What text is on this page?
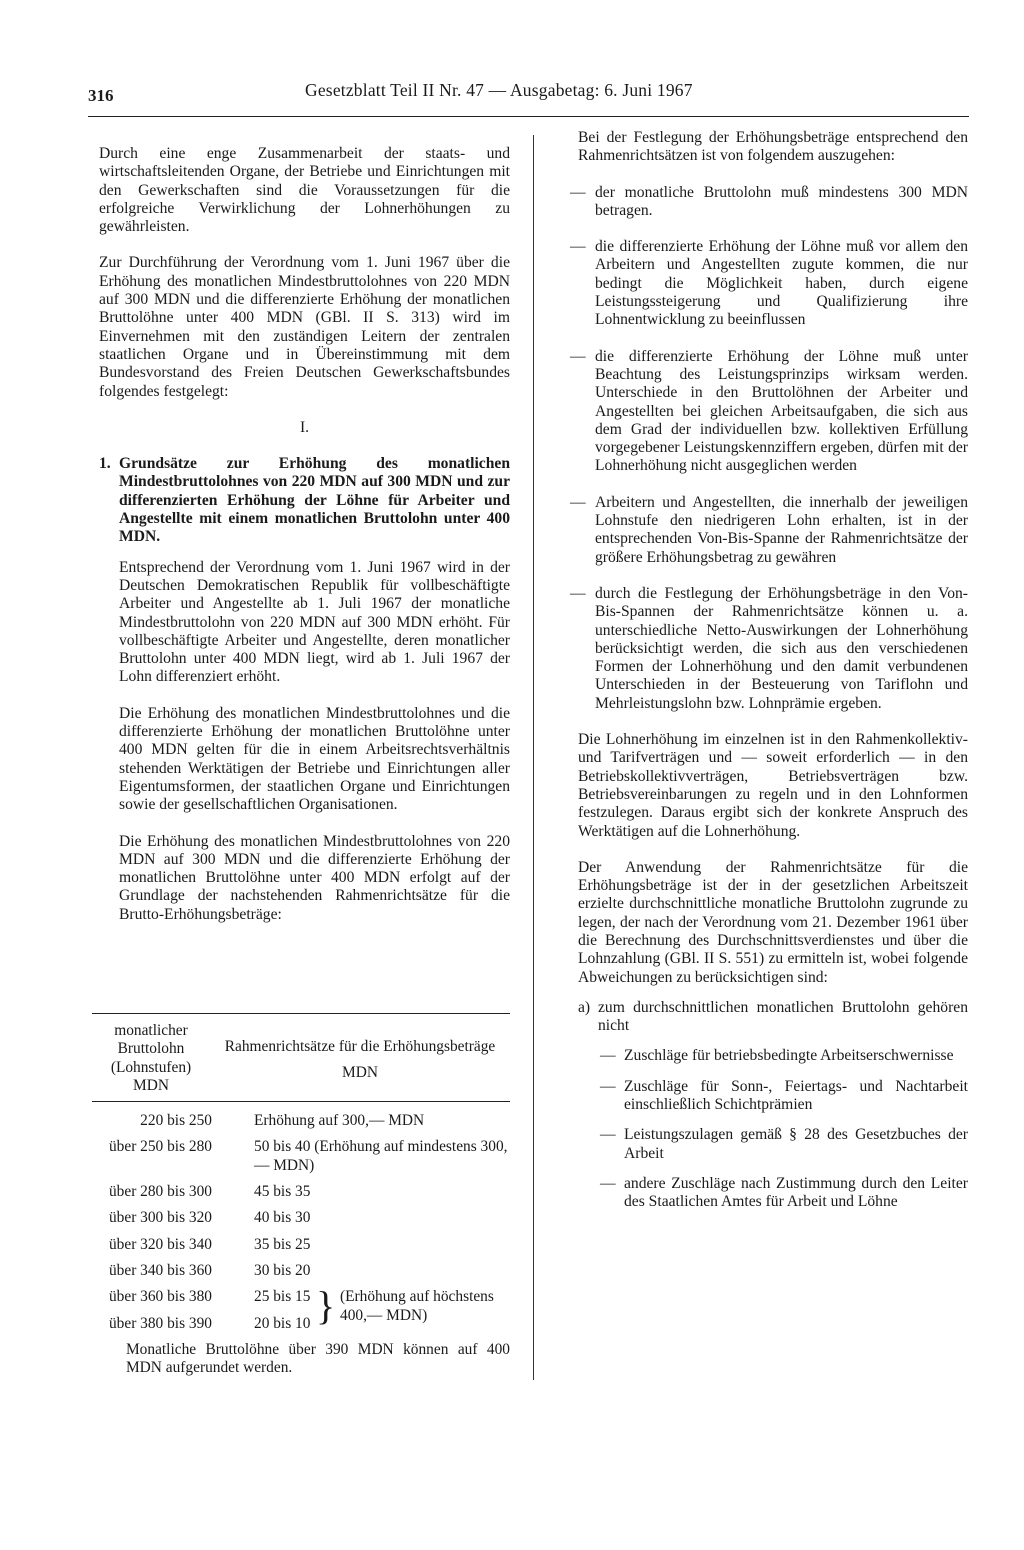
316	Gesetzblatt Teil II Nr. 47 — Ausgabetag: 6. Juni 1967

Durch eine enge Zusammenarbeit der staats- und wirtschaftsleitenden Organe, der Betriebe und Einrichtungen mit den Gewerkschaften sind die Voraussetzungen für die erfolgreiche Verwirklichung der Lohnerhöhungen zu gewährleisten.

Zur Durchführung der Verordnung vom 1. Juni 1967 über die Erhöhung des monatlichen Mindestbruttolohnes von 220 MDN auf 300 MDN und die differenzierte Erhöhung der monatlichen Bruttolöhne unter 400 MDN (GBl. II S. 313) wird im Einvernehmen mit den zuständigen Leitern der zentralen staatlichen Organe und in Übereinstimmung mit dem Bundesvorstand des Freien Deutschen Gewerkschaftsbundes folgendes festgelegt:

I.

1. Grundsätze zur Erhöhung des monatlichen Mindestbruttolohnes von 220 MDN auf 300 MDN und zur differenzierten Erhöhung der Löhne für Arbeiter und Angestellte mit einem monatlichen Bruttolohn unter 400 MDN.

Entsprechend der Verordnung vom 1. Juni 1967 wird in der Deutschen Demokratischen Republik für vollbeschäftigte Arbeiter und Angestellte ab 1. Juli 1967 der monatliche Mindestbruttolohn von 220 MDN auf 300 MDN erhöht. Für vollbeschäftigte Arbeiter und Angestellte, deren monatlicher Bruttolohn unter 400 MDN liegt, wird ab 1. Juli 1967 der Lohn differenziert erhöht.

Die Erhöhung des monatlichen Mindestbruttolohnes und die differenzierte Erhöhung der monatlichen Bruttolöhne unter 400 MDN gelten für die in einem Arbeitsrechtsverhältnis stehenden Werktätigen der Betriebe und Einrichtungen aller Eigentumsformen, der staatlichen Organe und Einrichtungen sowie der gesellschaftlichen Organisationen.

Die Erhöhung des monatlichen Mindestbruttolohnes von 220 MDN auf 300 MDN und die differenzierte Erhöhung der monatlichen Bruttolöhne unter 400 MDN erfolgt auf der Grundlage der nachstehenden Rahmenrichtsätze für die Brutto-Erhöhungsbeträge:

monatlicher Bruttolohn (Lohnstufen) MDN
Rahmenrichtsätze für die Erhöhungsbeträge
MDN
220 bis 250	Erhöhung auf 300,— MDN
über 250 bis 280	50 bis 40 (Erhöhung auf mindestens 300,— MDN)
über 280 bis 300	45 bis 35
über 300 bis 320	40 bis 30
über 320 bis 340	35 bis 25
über 340 bis 360	30 bis 20
über 360 bis 380	25 bis 15
über 380 bis 390	20 bis 10 } (Erhöhung auf höchstens 400,— MDN)

Monatliche Bruttolöhne über 390 MDN können auf 400 MDN aufgerundet werden.

Bei der Festlegung der Erhöhungsbeträge entsprechend den Rahmenrichtsätzen ist von folgendem auszugehen:

— der monatliche Bruttolohn muß mindestens 300 MDN betragen.
— die differenzierte Erhöhung der Löhne muß vor allem den Arbeitern und Angestellten zugute kommen, die nur bedingt die Möglichkeit haben, durch eigene Leistungssteigerung und Qualifizierung ihre Lohnentwicklung zu beeinflussen
— die differenzierte Erhöhung der Löhne muß unter Beachtung des Leistungsprinzips wirksam werden. Unterschiede in den Bruttolöhnen der Arbeiter und Angestellten bei gleichen Arbeitsaufgaben, die sich aus dem Grad der individuellen bzw. kollektiven Erfüllung vorgegebener Leistungskennziffern ergeben, dürfen mit der Lohnerhöhung nicht ausgeglichen werden
— Arbeitern und Angestellten, die innerhalb der jeweiligen Lohnstufe den niedrigeren Lohn erhalten, ist in der entsprechenden Von-Bis-Spanne der Rahmenrichtsätze der größere Erhöhungsbetrag zu gewähren
— durch die Festlegung der Erhöhungsbeträge in den Von-Bis-Spannen der Rahmenrichtsätze können u. a. unterschiedliche Netto-Auswirkungen der Lohnerhöhung berücksichtigt werden, die sich aus den verschiedenen Formen der Lohnerhöhung und den damit verbundenen Unterschieden in der Besteuerung von Tariflohn und Mehrleistungslohn bzw. Lohnprämie ergeben.

Die Lohnerhöhung im einzelnen ist in den Rahmenkollektiv- und Tarifverträgen und — soweit erforderlich — in den Betriebskollektivverträgen, Betriebsverträgen bzw. Betriebsvereinbarungen zu regeln und in den Lohnformen festzulegen. Daraus ergibt sich der konkrete Anspruch des Werktätigen auf die Lohnerhöhung.

Der Anwendung der Rahmenrichtsätze für die Erhöhungsbeträge ist der in der gesetzlichen Arbeitszeit erzielte durchschnittliche monatliche Bruttolohn zugrunde zu legen, der nach der Verordnung vom 21. Dezember 1961 über die Berechnung des Durchschnittsverdienstes und über die Lohnzahlung (GBl. II S. 551) zu ermitteln ist, wobei folgende Abweichungen zu berücksichtigen sind:

a) zum durchschnittlichen monatlichen Bruttolohn gehören nicht
— Zuschläge für betriebsbedingte Arbeitserschwernisse
— Zuschläge für Sonn-, Feiertags- und Nachtarbeit einschließlich Schichtprämien
— Leistungszulagen gemäß § 28 des Gesetzbuches der Arbeit
— andere Zuschläge nach Zustimmung durch den Leiter des Staatlichen Amtes für Arbeit und Löhne
